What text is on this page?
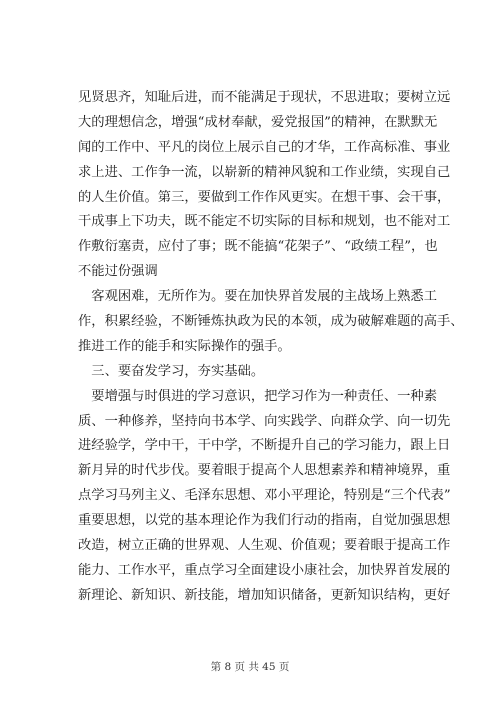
见贤思齐，知耻后进，而不能满足于现状，不思进取；要树立远
大的理想信念，增强“成材奉献，爱党报国”的精神，在默默无
闻的工作中、平凡的岗位上展示自己的才华，工作高标准、事业
求上进、工作争一流，以崭新的精神风貌和工作业绩，实现自己
的人生价值。第三，要做到工作作风更实。在想干事、会干事，
干成事上下功夫，既不能定不切实际的目标和规划，也不能对工
作敷衍塞责，应付了事；既不能搞“花架子”、“政绩工程”，也
不能过份强调
客观困难，无所作为。要在加快界首发展的主战场上熟悉工
作，积累经验，不断锤炼执政为民的本领，成为破解难题的高手、
推进工作的能手和实际操作的强手。
三、要奋发学习，夯实基础。
要增强与时俱进的学习意识，把学习作为一种责任、一种素
质、一种修养，坚持向书本学、向实践学、向群众学、向一切先
进经验学，学中干，干中学，不断提升自己的学习能力，跟上日
新月异的时代步伐。要着眼于提高个人思想素养和精神境界，重
点学习马列主义、毛泽东思想、邓小平理论，特别是“三个代表”
重要思想，以党的基本理论作为我们行动的指南，自觉加强思想
改造，树立正确的世界观、人生观、价值观；要着眼于提高工作
能力、工作水平，重点学习全面建设小康社会，加快界首发展的
新理论、新知识、新技能，增加知识储备，更新知识结构，更好
第 8 页 共 45 页
